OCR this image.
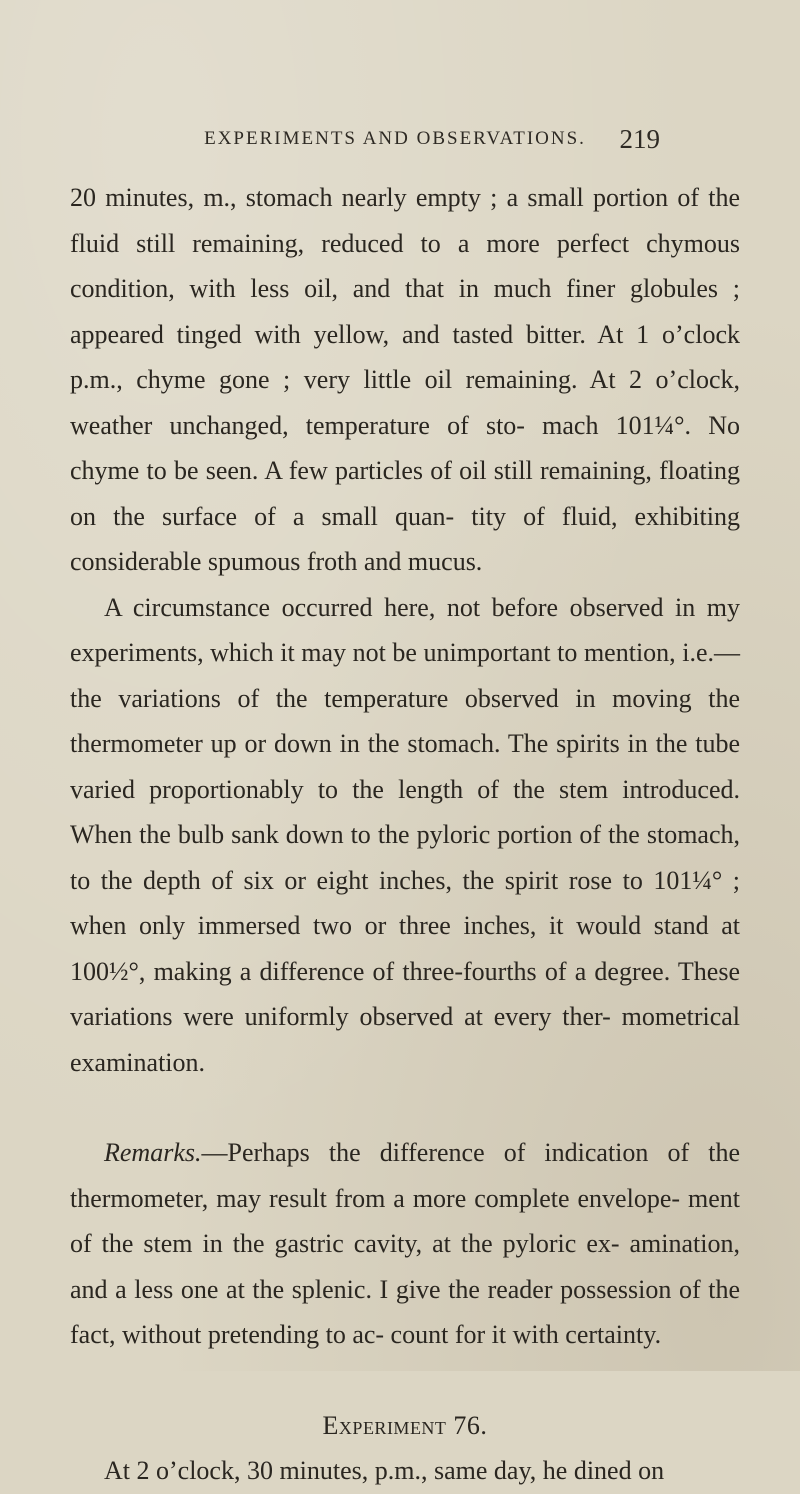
EXPERIMENTS AND OBSERVATIONS.	219

20 minutes, m., stomach nearly empty ; a small portion of the fluid still remaining, reduced to a more perfect chymous condition, with less oil, and that in much finer globules ; appeared tinged with yellow, and tasted bitter. At 1 o’clock p.m., chyme gone ; very little oil remaining. At 2 o’clock, weather unchanged, temperature of sto- mach 101¼°. No chyme to be seen. A few particles of oil still remaining, floating on the surface of a small quan- tity of fluid, exhibiting considerable spumous froth and mucus.

A circumstance occurred here, not before observed in my experiments, which it may not be unimportant to mention, i.e.—the variations of the temperature observed in moving the thermometer up or down in the stomach. The spirits in the tube varied proportionably to the length of the stem introduced. When the bulb sank down to the pyloric portion of the stomach, to the depth of six or eight inches, the spirit rose to 101¼° ; when only immersed two or three inches, it would stand at 100½°, making a difference of three-fourths of a degree. These variations were uniformly observed at every ther- mometrical examination.

Remarks.—Perhaps the difference of indication of the thermometer, may result from a more complete envelope- ment of the stem in the gastric cavity, at the pyloric ex- amination, and a less one at the splenic. I give the reader possession of the fact, without pretending to ac- count for it with certainty.

Experiment 76.

At 2 o’clock, 30 minutes, p.m., same day, he dined on
